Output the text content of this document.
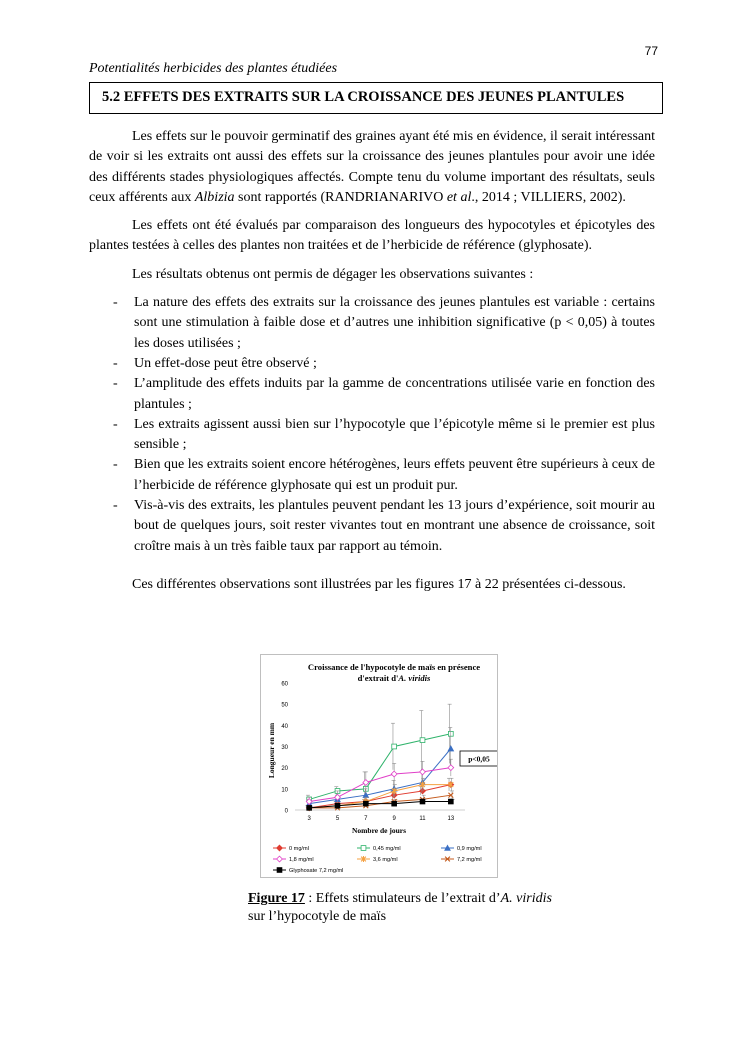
77
Potentialités herbicides des plantes étudiées
5.2 EFFETS DES EXTRAITS SUR LA CROISSANCE DES JEUNES PLANTULES

Les effets sur le pouvoir germinatif des graines ayant été mis en évidence, il serait intéressant de voir si les extraits ont aussi des effets sur la croissance des jeunes plantules pour avoir une idée des différents stades physiologiques affectés. Compte tenu du volume important des résultats, seuls ceux afférents aux Albizia sont rapportés (RANDRIANARIVO et al., 2014 ; VILLIERS, 2002).

Les effets ont été évalués par comparaison des longueurs des hypocotyles et épicotyles des plantes testées à celles des plantes non traitées et de l’herbicide de référence (glyphosate).

Les résultats obtenus ont permis de dégager les observations suivantes :

- La nature des effets des extraits sur la croissance des jeunes plantules est variable : certains sont une stimulation à faible dose et d’autres une inhibition significative (p < 0,05) à toutes les doses utilisées ;
- Un effet-dose peut être observé ;
- L’amplitude des effets induits par la gamme de concentrations utilisée varie en fonction des plantules ;
- Les extraits agissent aussi bien sur l’hypocotyle que l’épicotyle même si le premier est plus sensible ;
- Bien que les extraits soient encore hétérogènes, leurs effets peuvent être supérieurs à ceux de l’herbicide de référence glyphosate qui est un produit pur.
- Vis-à-vis des extraits, les plantules peuvent pendant les 13 jours d’expérience, soit mourir au bout de quelques jours, soit rester vivantes tout en montrant une absence de croissance, soit croître mais à un très faible taux par rapport au témoin.

Ces différentes observations sont illustrées par les figures 17 à 22 présentées ci-dessous.

Croissance de l'hypocotyle de maïs en présence
d'extrait d'A. viridis
0
10
20
30
40
50
60
3	5	7	9	11	13
Nombre de jours
Longueur en mm	p<0,05
0 mg/ml	0,45 mg/ml	0,9 mg/ml
1,8 mg/ml	3,6 mg/ml	7,2 mg/ml
Glyphosate 7,2 mg/ml
Figure 17 : Effets stimulateurs de l’extrait d’A. viridis
sur l’hypocotyle de maïs
